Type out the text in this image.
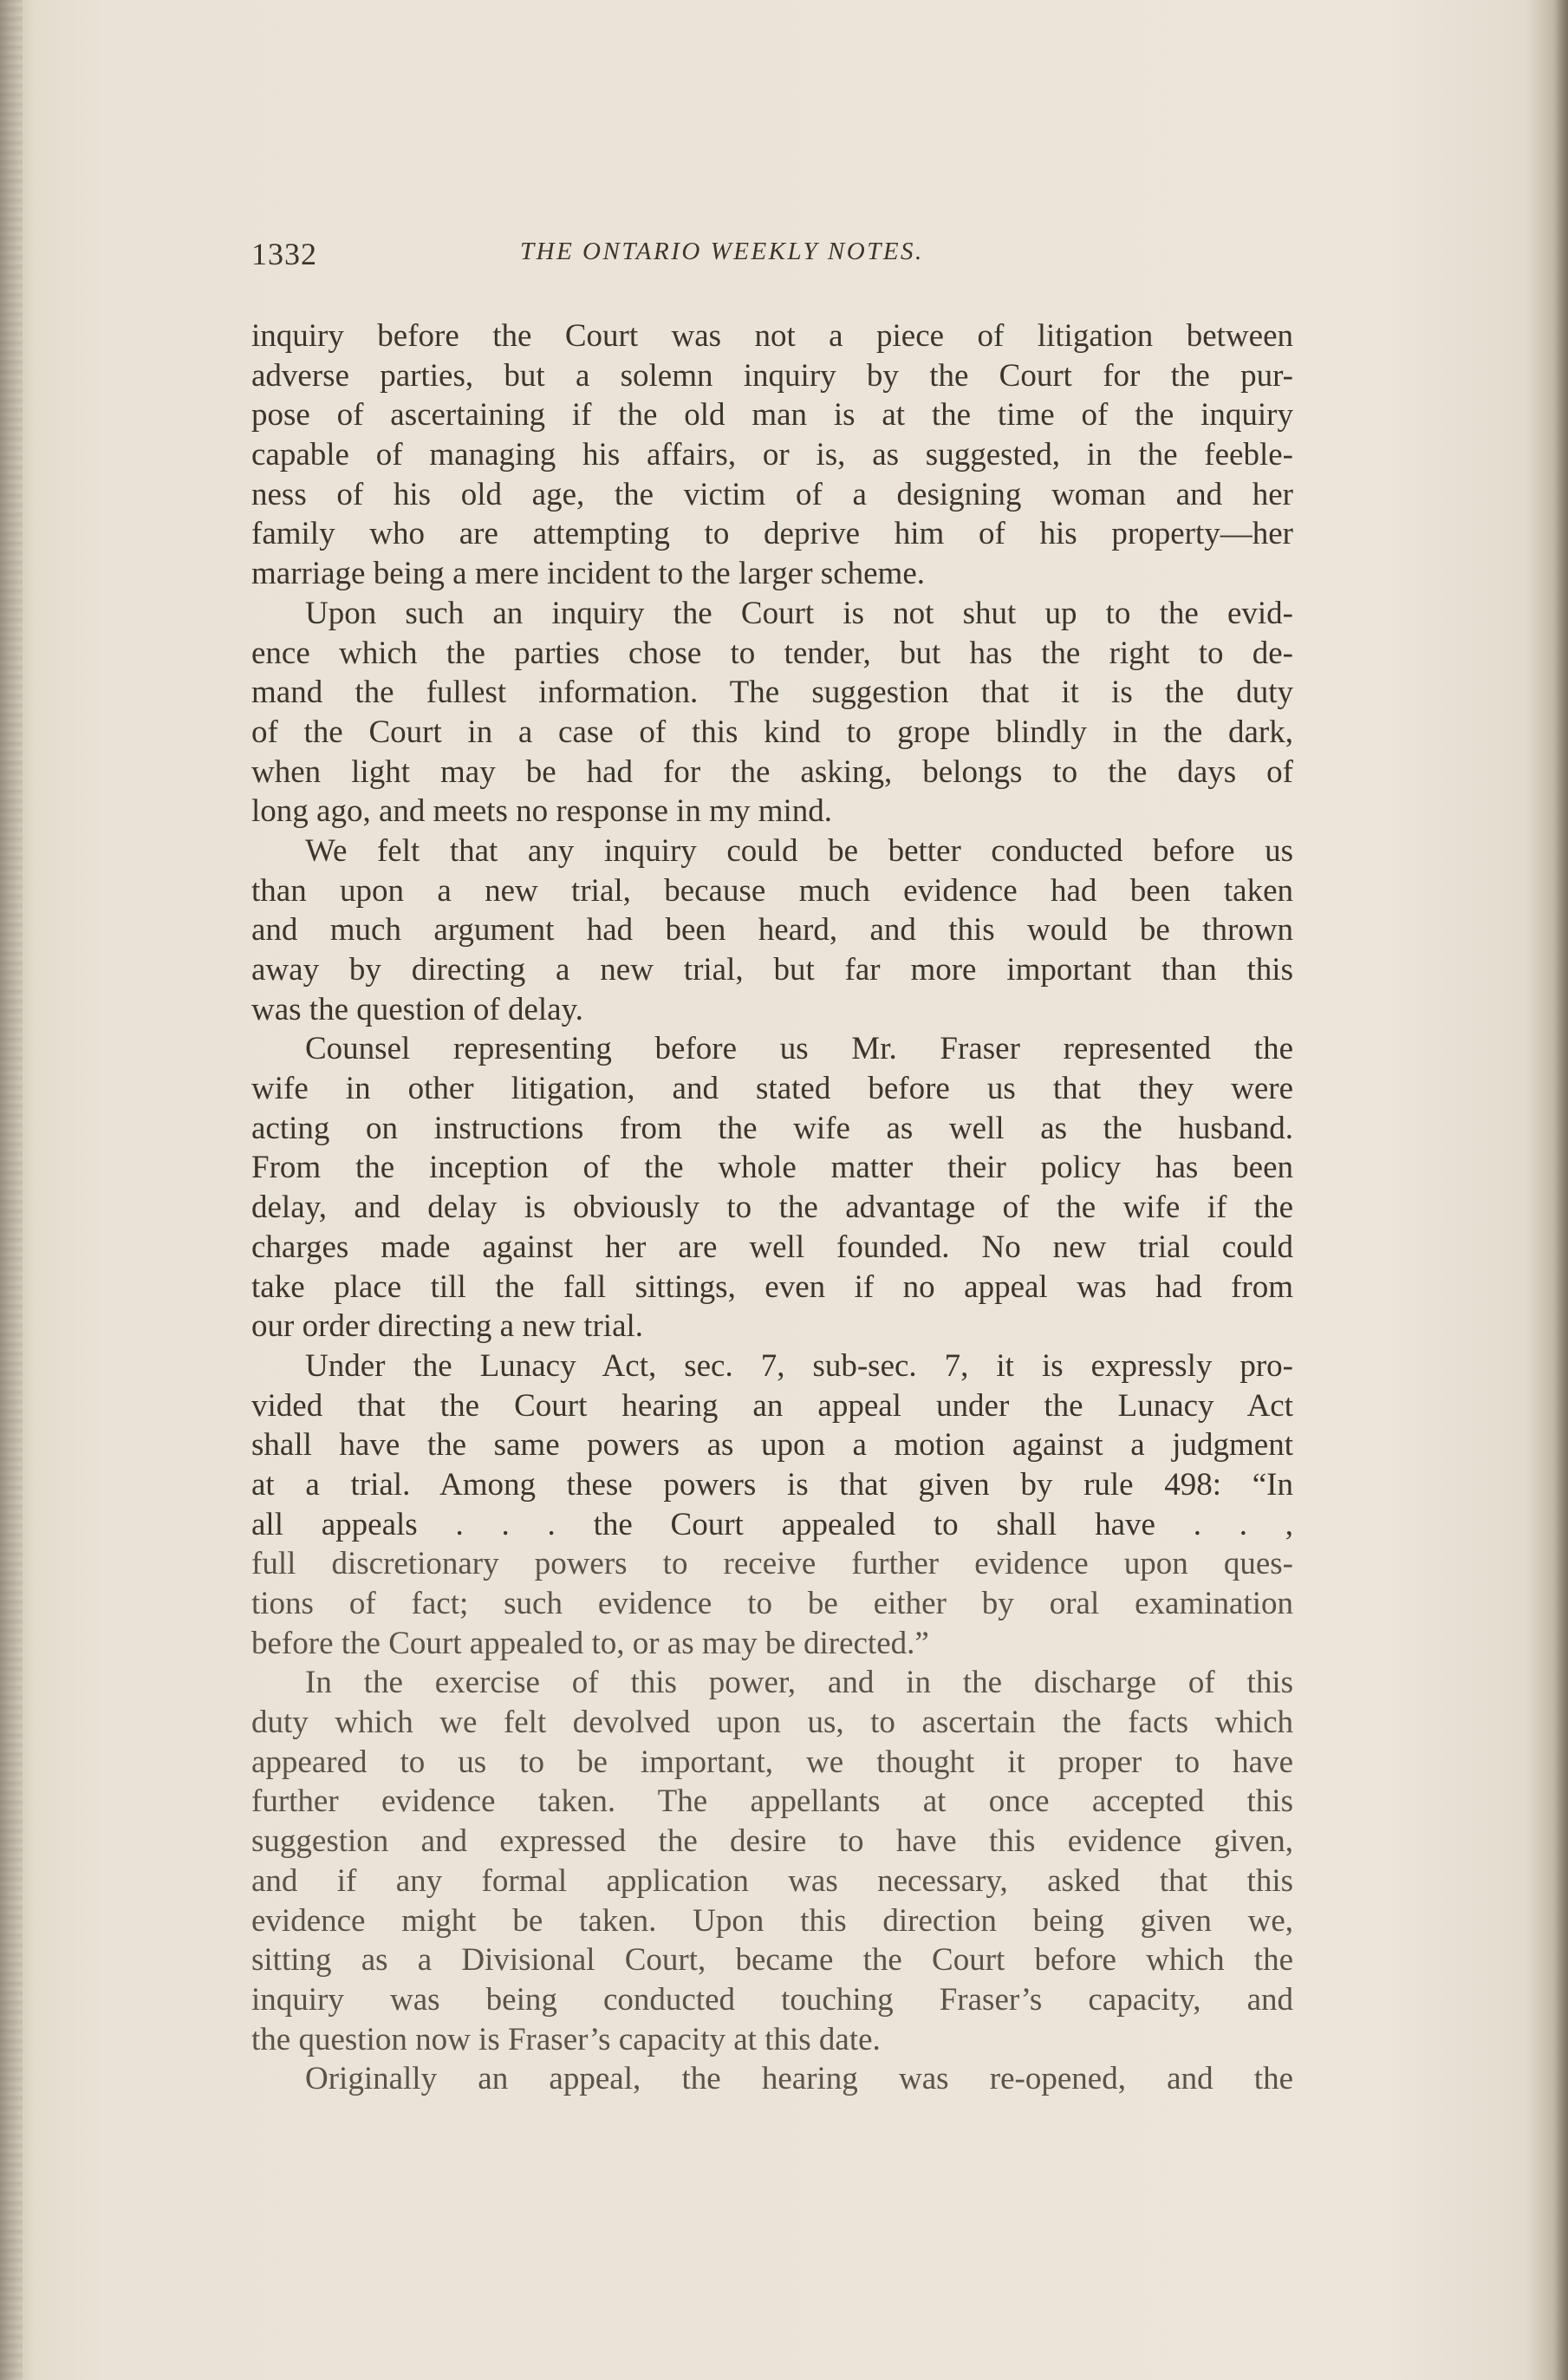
1332	THE ONTARIO WEEKLY NOTES.
inquiry before the Court was not a piece of litigation between
adverse parties, but a solemn inquiry by the Court for the pur-
pose of ascertaining if the old man is at the time of the inquiry
capable of managing his affairs, or is, as suggested, in the feeble-
ness of his old age, the victim of a designing woman and her
family who are attempting to deprive him of his property—her
marriage being a mere incident to the larger scheme.
Upon such an inquiry the Court is not shut up to the evid-
ence which the parties chose to tender, but has the right to de-
mand the fullest information. The suggestion that it is the duty
of the Court in a case of this kind to grope blindly in the dark,
when light may be had for the asking, belongs to the days of
long ago, and meets no response in my mind.
We felt that any inquiry could be better conducted before us
than upon a new trial, because much evidence had been taken
and much argument had been heard, and this would be thrown
away by directing a new trial, but far more important than this
was the question of delay.
Counsel representing before us Mr. Fraser represented the
wife in other litigation, and stated before us that they were
acting on instructions from the wife as well as the husband.
From the inception of the whole matter their policy has been
delay, and delay is obviously to the advantage of the wife if the
charges made against her are well founded. No new trial could
take place till the fall sittings, even if no appeal was had from
our order directing a new trial.
Under the Lunacy Act, sec. 7, sub-sec. 7, it is expressly pro-
vided that the Court hearing an appeal under the Lunacy Act
shall have the same powers as upon a motion against a judgment
at a trial. Among these powers is that given by rule 498: “In
all appeals . . . the Court appealed to shall have . . ,
full discretionary powers to receive further evidence upon ques-
tions of fact; such evidence to be either by oral examination
before the Court appealed to, or as may be directed.”
In the exercise of this power, and in the discharge of this
duty which we felt devolved upon us, to ascertain the facts which
appeared to us to be important, we thought it proper to have
further evidence taken. The appellants at once accepted this
suggestion and expressed the desire to have this evidence given,
and if any formal application was necessary, asked that this
evidence might be taken. Upon this direction being given we,
sitting as a Divisional Court, became the Court before which the
inquiry was being conducted touching Fraser’s capacity, and
the question now is Fraser’s capacity at this date.
Originally an appeal, the hearing was re-opened, and the
